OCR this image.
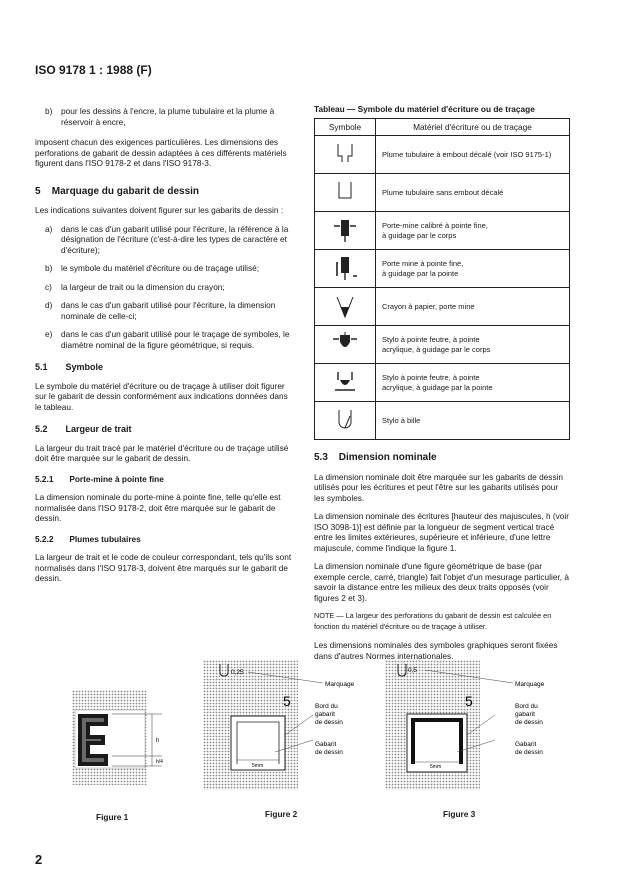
ISO 9178 1 : 1988 (F)
b)	pour les dessins à l'encre, la plume tubulaire et la plume à réservoir à encre,

imposent chacun des exigences particulières. Les dimensions des perforations de gabarit de dessin adaptées à ces différents matériels figurent dans l'ISO 9178-2 et dans l'ISO 9178-3.

5 Marquage du gabarit de dessin

Les indications suivantes doivent figurer sur les gabarits de dessin :

a)	dans le cas d'un gabarit utilisé pour l'écriture, la référence à la désignation de l'écriture (c'est-à-dire les types de caractère et d'écriture);
b)	le symbole du matériel d'écriture ou de traçage utilisé;
c)	la largeur de trait ou la dimension du crayon;
d)	dans le cas d'un gabarit utilisé pour l'écriture, la dimension nominale de celle-ci;
e)	dans le cas d'un gabarit utilisé pour le traçage de symboles, le diamètre nominal de la figure géométrique, si requis.
5.1 Symbole

Le symbole du matériel d'écriture ou de traçage à utiliser doit figurer sur le gabarit de dessin conformément aux indications données dans le tableau.

5.2 Largeur de trait

La largeur du trait tracé par le matériel d'écriture ou de traçage utilisé doit être marquée sur le gabarit de dessin.

5.2.1 Porte-mine à pointe fine

La dimension nominale du porte-mine à pointe fine, telle qu'elle est normalisée dans l'ISO 9178-2, doit être marquée sur le gabarit de dessin.

5.2.2 Plumes tubulaires

La largeur de trait et le code de couleur correspondant, tels qu'ils sont normalisés dans l'ISO 9178-3, doivent être marqués sur le gabarit de dessin.

Tableau — Symbole du matériel d'écriture ou de traçage
Symbole	Matériel d'écriture ou de traçage

Plume tubulaire à embout décalé (voir ISO 9175-1)

Plume tubulaire sans embout décalé

Porte-mine calibré à pointe fine,
à guidage par le corps

Porte mine à pointe fine,
à guidage par la pointe

Crayon à papier, porte mine

Stylo à pointe feutre, à pointe
acrylique, à guidage par le corps

Stylo à pointe feutre, à pointe
acrylique, à guidage par la pointe

Stylo à bille
5.3 Dimension nominale

La dimension nominale doit être marquée sur les gabarits de dessin utilisés pour les écritures et peut l'être sur les gabarits utilisés pour les symboles.

La dimension nominale des écritures [hauteur des majuscules, h (voir ISO 3098-1)] est définie par la longueur de segment vertical tracé entre les limites extérieures, supérieure et inférieure, d'une lettre majuscule, comme l'indique la figure 1.

La dimension nominale d'une figure géométrique de base (par exemple cercle, carré, triangle) fait l'objet d'un mesurage particulier, à savoir la distance entre les milieux des deux traits opposés (voir figures 2 et 3).

NOTE — La largeur des perforations du gabarit de dessin est calculée en fonction du matériel d'écriture ou de traçage à utiliser.

Les dimensions nominales des symboles graphiques seront fixées dans d'autres Normes internationales.

h
h/4
0,25
5
5mm
Marquage
Bord du gabarit de dessin
Gabarit de dessin
0,5
5
5mm
Marquage
Bord du gabarit de dessin
Gabarit de dessin
Figure 1	Figure 2	Figure 3
2
